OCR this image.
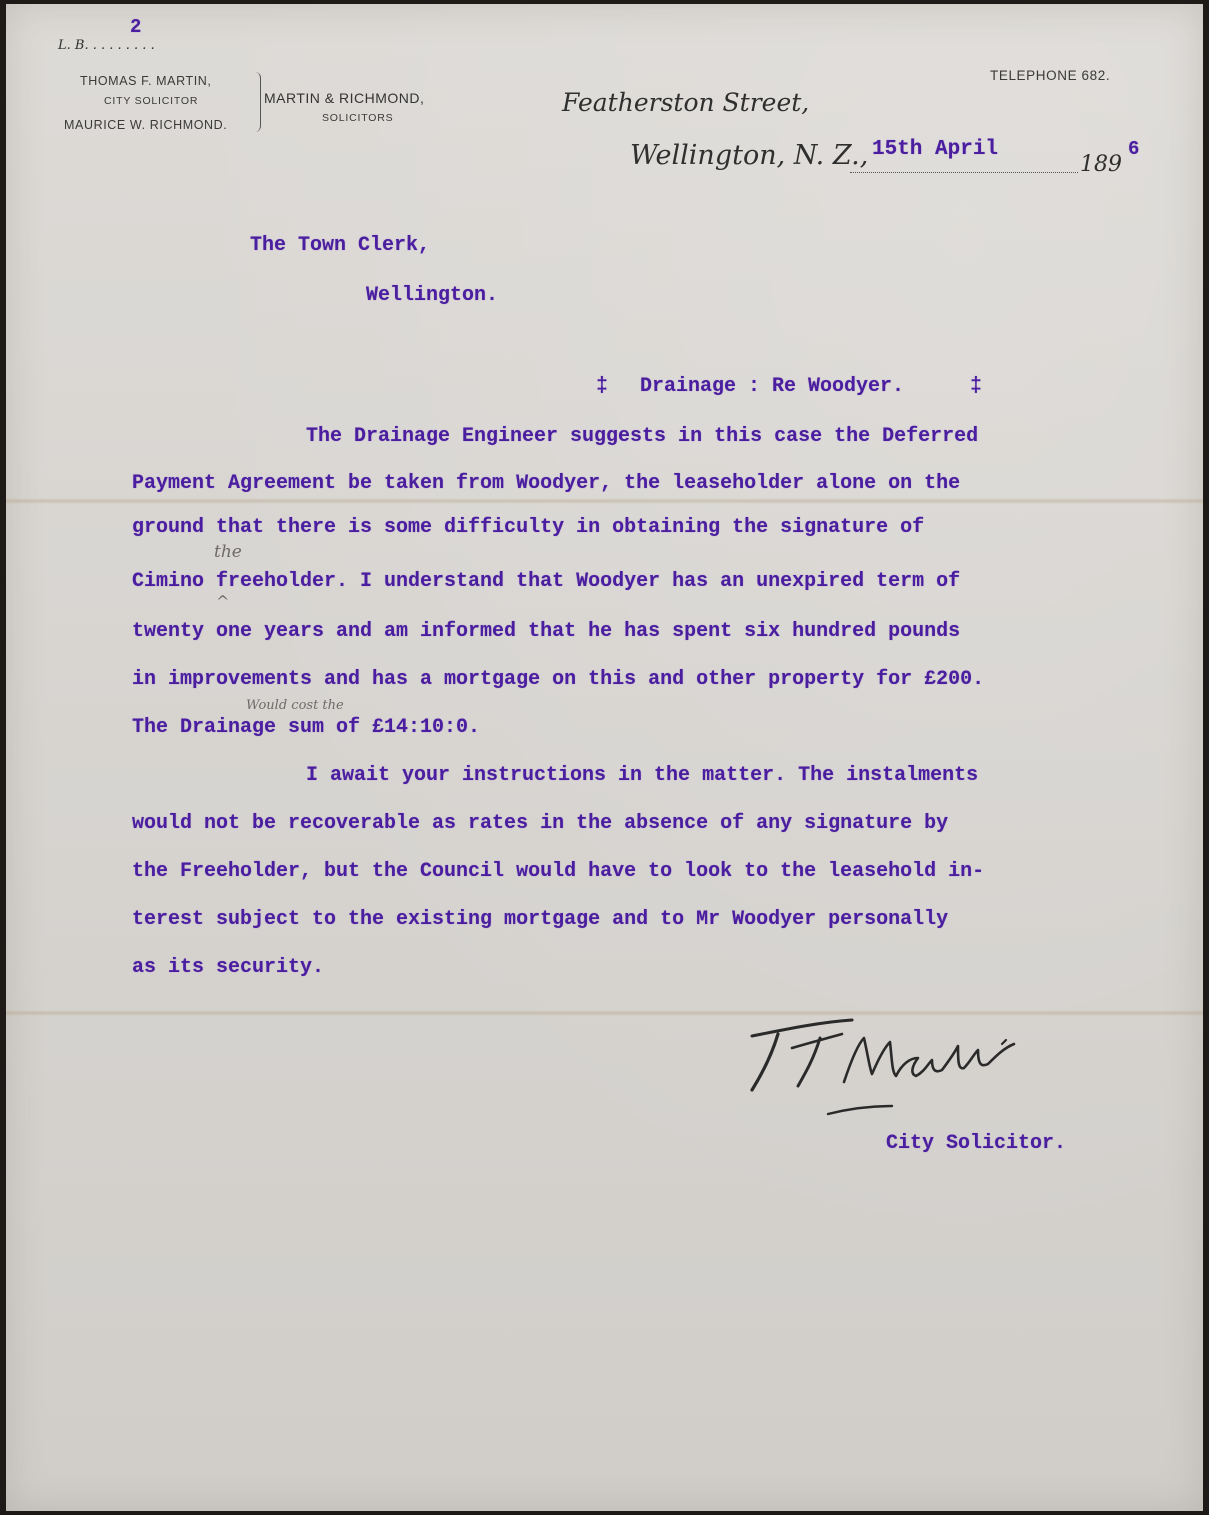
2
L. B. . . . . . . . .
THOMAS F. MARTIN,
CITY SOLICITOR
MAURICE W. RICHMOND.
MARTIN & RICHMOND,
SOLICITORS
Featherston Street,
TELEPHONE 682.
Wellington, N. Z., 15th April
189
6
The Town Clerk,
Wellington.
‡ Drainage : Re Woodyer.	‡
The Drainage Engineer suggests in this case the Deferred
Payment Agreement be taken from Woodyer, the leaseholder alone on the
ground that there is some difficulty in obtaining the signature of
the
Cimino freeholder. I understand that Woodyer has an unexpired term of
^
twenty one years and am informed that he has spent six hundred pounds
in improvements and has a mortgage on this and other property for £200.
Would cost the
The Drainage sum of £14:10:0.
I await your instructions in the matter. The instalments
would not be recoverable as rates in the absence of any signature by
the Freeholder, but the Council would have to look to the leasehold in-
terest subject to the existing mortgage and to Mr Woodyer personally
as its security.
City Solicitor.
